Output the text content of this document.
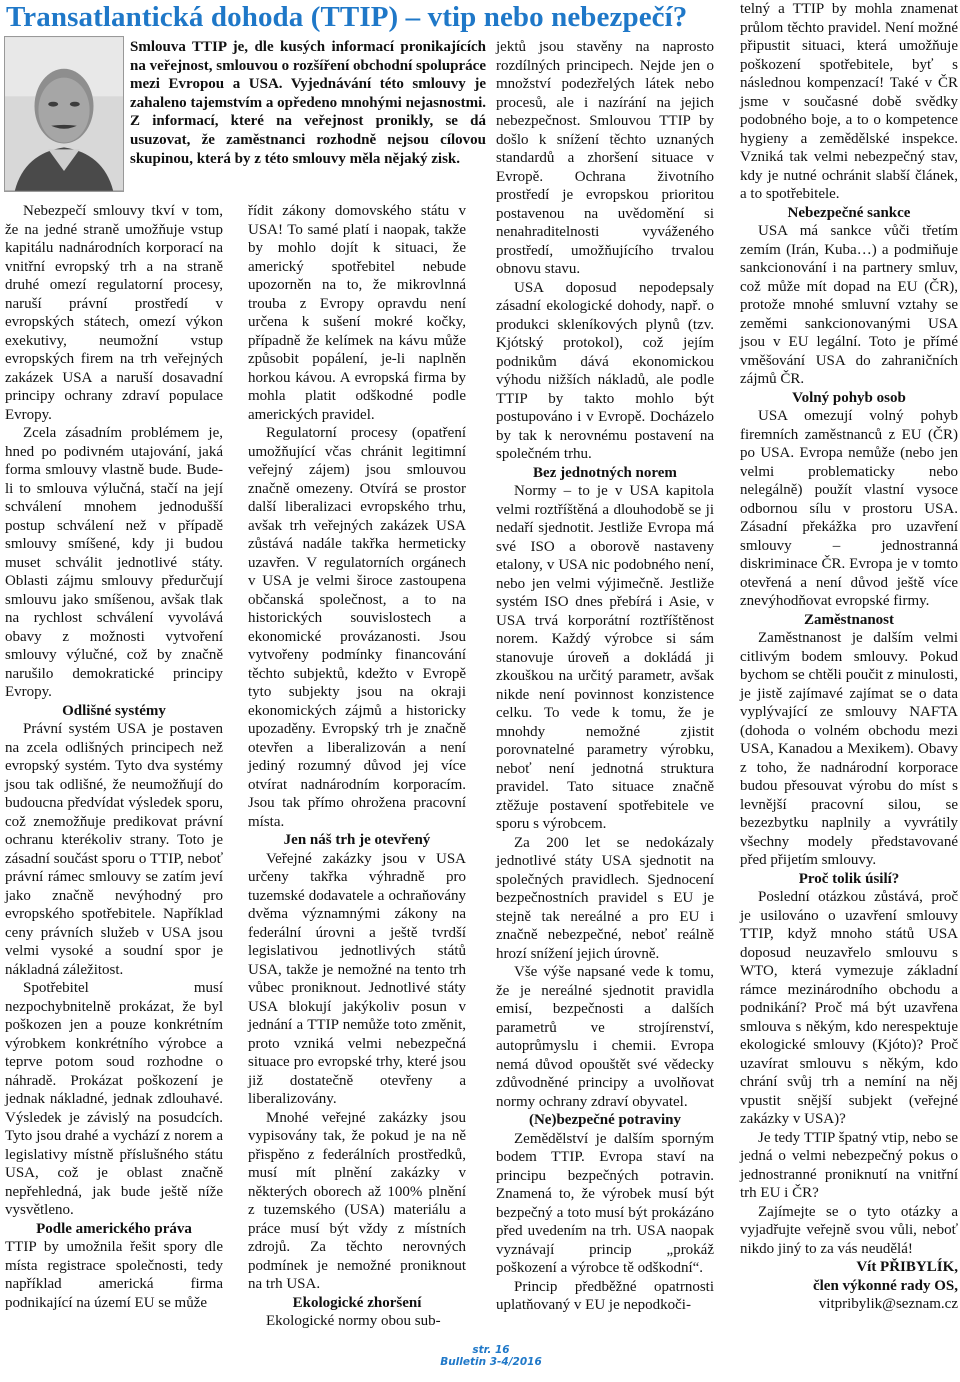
Transatlantická dohoda (TTIP) – vtip nebo nebezpečí?
Smlouva TTIP je, dle kusých informací pronikajících na veřejnost, smlouvou o rozšíření obchodní spolupráce mezi Evropou a USA. Vyjednávání této smlouvy je zahaleno tajemstvím a opředeno mnohými nejasnostmi. Z informací, které na veřejnost pronikly, se dá usuzovat, že zaměstnanci rozhodně nejsou cílovou skupinou, která by z této smlouvy měla nějaký zisk.

Nebezpečí smlouvy tkví v tom, že na jedné straně umožňuje vstup kapitálu nadnárodních korporací na vnitřní evropský trh a na straně druhé omezí regulatorní procesy, naruší právní prostředí v evropských státech, omezí výkon exekutivy, neumožní vstup evropských firem na trh veřejných zakázek USA a naruší dosavadní principy ochrany zdraví populace Evropy.

Zcela zásadním problémem je, hned po podivném utajování, jaká forma smlouvy vlastně bude. Bude-li to smlouva výlučná, stačí na její schválení mnohem jednodušší postup schválení než v případě smlouvy smíšené, kdy ji budou muset schválit jednotlivé státy. Oblasti zájmu smlouvy předurčují smlouvu jako smíšenou, avšak tlak na rychlost schválení vyvolává obavy z možnosti vytvoření smlouvy výlučné, což by značně narušilo demokratické principy Evropy.

Odlišné systémy

Právní systém USA je postaven na zcela odlišných principech než evropský systém. Tyto dva systémy jsou tak odlišné, že neumožňují do budoucna předvídat výsledek sporu, což znemožňuje predikovat právní ochranu kterékoliv strany. Toto je zásadní součást sporu o TTIP, neboť právní rámec smlouvy se zatím jeví jako značně nevýhodný pro evropského spotřebitele. Například ceny právních služeb v USA jsou velmi vysoké a soudní spor je nákladná záležitost.

Spotřebitel musí nezpochybnitelně prokázat, že byl poškozen jen a pouze konkrétním výrobkem konkrétního výrobce a teprve potom soud rozhodne o náhradě. Prokázat poškození je jednak nákladné, jednak zdlouhavé. Výsledek je závislý na posudcích. Tyto jsou drahé a vychází z norem a legislativy místně příslušného státu USA, což je oblast značně nepřehledná, jak bude ještě níže vysvětleno.

Podle amerického práva

TTIP by umožnila řešit spory dle místa registrace společnosti, tedy například americká firma podnikající na území EU se může

řídit zákony domovského státu v USA! To samé platí i naopak, takže by mohlo dojít k situaci, že americký spotřebitel nebude upozorněn na to, že mikrovlnná trouba z Evropy opravdu není určena k sušení mokré kočky, případně že kelímek na kávu může způsobit popálení, je-li naplněn horkou kávou. A evropská firma by mohla platit odškodné podle amerických pravidel.

Regulatorní procesy (opatření umožňující včas chránit legitimní veřejný zájem) jsou smlouvou značně omezeny. Otvírá se prostor další liberalizaci evropského trhu, avšak trh veřejných zakázek USA zůstává nadále takřka hermeticky uzavřen. V regulatorních orgánech v USA je velmi široce zastoupena občanská společnost, a to na historických souvislostech a ekonomické provázanosti. Jsou vytvořeny podmínky financování těchto subjektů, kdežto v Evropě tyto subjekty jsou na okraji ekonomických zájmů a historicky upozaděny. Evropský trh je značně otevřen a liberalizován a není jediný rozumný důvod jej více otvírat nadnárodním korporacím. Jsou tak přímo ohrožena pracovní místa.

Jen náš trh je otevřený

Veřejné zakázky jsou v USA určeny takřka výhradně pro tuzemské dodavatele a ochraňovány dvěma významnými zákony na federální úrovni a ještě tvrdší legislativou jednotlivých států USA, takže je nemožné na tento trh vůbec proniknout. Jednotlivé státy USA blokují jakýkoliv posun v jednání a TTIP nemůže toto změnit, proto vzniká velmi nebezpečná situace pro evropské trhy, které jsou již dostatečně otevřeny a liberalizovány.

Mnohé veřejné zakázky jsou vypisovány tak, že pokud je na ně přispěno z federálních prostředků, musí mít plnění zakázky v některých oborech až 100% plnění z tuzemského (USA) materiálu a práce musí být vždy z místních zdrojů. Za těchto nerovných podmínek je nemožné proniknout na trh USA.

Ekologické zhoršení

Ekologické normy obou sub-

jektů jsou stavěny na naprosto rozdílných principech. Nejde jen o množství podezřelých látek nebo procesů, ale i nazírání na jejich nebezpečnost. Smlouvou TTIP by došlo k snížení těchto uznaných standardů a zhoršení situace v Evropě. Ochrana životního prostředí je evropskou prioritou postavenou na uvědomění si nenahraditelnosti vyváženého prostředí, umožňujícího trvalou obnovu stavu.

USA doposud nepodepsaly zásadní ekologické dohody, např. o produkci skleníkových plynů (tzv. Kjótský protokol), což jejím podnikům dává ekonomickou výhodu nižších nákladů, ale podle TTIP by takto mohlo být postupováno i v Evropě. Docházelo by tak k nerovnému postavení na společném trhu.

Bez jednotných norem

Normy – to je v USA kapitola velmi roztříštěná a dlouhodobě se ji nedaří sjednotit. Jestliže Evropa má své ISO a oborově nastaveny etalony, v USA nic podobného není, nebo jen velmi výjimečně. Jestliže systém ISO dnes přebírá i Asie, v USA trvá korporátní roztříštěnost norem. Každý výrobce si sám stanovuje úroveň a dokládá ji zkouškou na určitý parametr, avšak nikde není povinnost konzistence celku. To vede k tomu, že je mnohdy nemožné zjistit porovnatelné parametry výrobku, neboť není jednotná struktura pravidel. Tato situace značně ztěžuje postavení spotřebitele ve sporu s výrobcem.

Za 200 let se nedokázaly jednotlivé státy USA sjednotit na společných pravidlech. Sjednocení bezpečnostních pravidel s EU je stejně tak nereálné a pro EU i značně nebezpečné, neboť reálně hrozí snížení jejich úrovně.

Vše výše napsané vede k tomu, že je nereálné sjednotit pravidla emisí, bezpečnosti a dalších parametrů ve strojírenství, autoprůmyslu i chemii. Evropa nemá důvod opouštět své vědecky zdůvodněné principy a uvolňovat normy ochrany zdraví obyvatel.

(Ne)bezpečné potraviny

Zemědělství je dalším sporným bodem TTIP. Evropa staví na principu bezpečných potravin. Znamená to, že výrobek musí být bezpečný a toto musí být prokázáno před uvedením na trh. USA naopak vyznávají princip „prokáž poškození a výrobce tě odškodní“.

Princip předběžné opatrnosti uplatňovaný v EU je nepodkoči-

telný a TTIP by mohla znamenat průlom těchto pravidel. Není možné připustit situaci, která umožňuje poškození spotřebitele, byť s následnou kompenzací! Také v ČR jsme v současné době svědky podobného boje, a to o kompetence hygieny a zemědělské inspekce. Vzniká tak velmi nebezpečný stav, kdy je nutné ochránit slabší článek, a to spotřebitele.

Nebezpečné sankce

USA má sankce vůči třetím zemím (Irán, Kuba…) a podmiňuje sankcionování i na partnery smluv, což může mít dopad na EU (ČR), protože mnohé smluvní vztahy se zeměmi sankcionovanými USA jsou v EU legální. Toto je přímé vměšování USA do zahraničních zájmů ČR.

Volný pohyb osob

USA omezují volný pohyb firemních zaměstnanců z EU (ČR) po USA. Evropa nemůže (nebo jen velmi problematicky nebo nelegálně) použít vlastní vysoce odbornou sílu v prostoru USA. Zásadní překážka pro uzavření smlouvy – jednostranná diskriminace ČR. Evropa je v tomto otevřená a není důvod ještě více znevýhodňovat evropské firmy.

Zaměstnanost

Zaměstnanost je dalším velmi citlivým bodem smlouvy. Pokud bychom se chtěli poučit z minulosti, je jistě zajímavé zajímat se o data vyplývající ze smlouvy NAFTA (dohoda o volném obchodu mezi USA, Kanadou a Mexikem). Obavy z toho, že nadnárodní korporace budou přesouvat výrobu do míst s levnější pracovní silou, se bezezbytku naplnily a vyvrátily všechny modely představované před přijetím smlouvy.

Proč tolik úsilí?

Poslední otázkou zůstává, proč je usilováno o uzavření smlouvy TTIP, když mnoho států USA doposud neuzavřelo smlouvu s WTO, která vymezuje základní rámce mezinárodního obchodu a podnikání? Proč má být uzavřena smlouva s někým, kdo nerespektuje ekologické smlouvy (Kjóto)? Proč uzavírat smlouvu s někým, kdo chrání svůj trh a nemíní na něj vpustit snější subjekt (veřejné zakázky v USA)?

Je tedy TTIP špatný vtip, nebo se jedná o velmi nebezpečný pokus o jednostranné proniknutí na vnitřní trh EU i ČR?

Zajímejte se o tyto otázky a vyjadřujte veřejně svou vůli, neboť nikdo jiný to za vás neudělá!

Vít PŘIBYLÍK,
člen výkonné rady OS,
vitpribylik@seznam.cz
str. 16
Bulletin 3-4/2016
